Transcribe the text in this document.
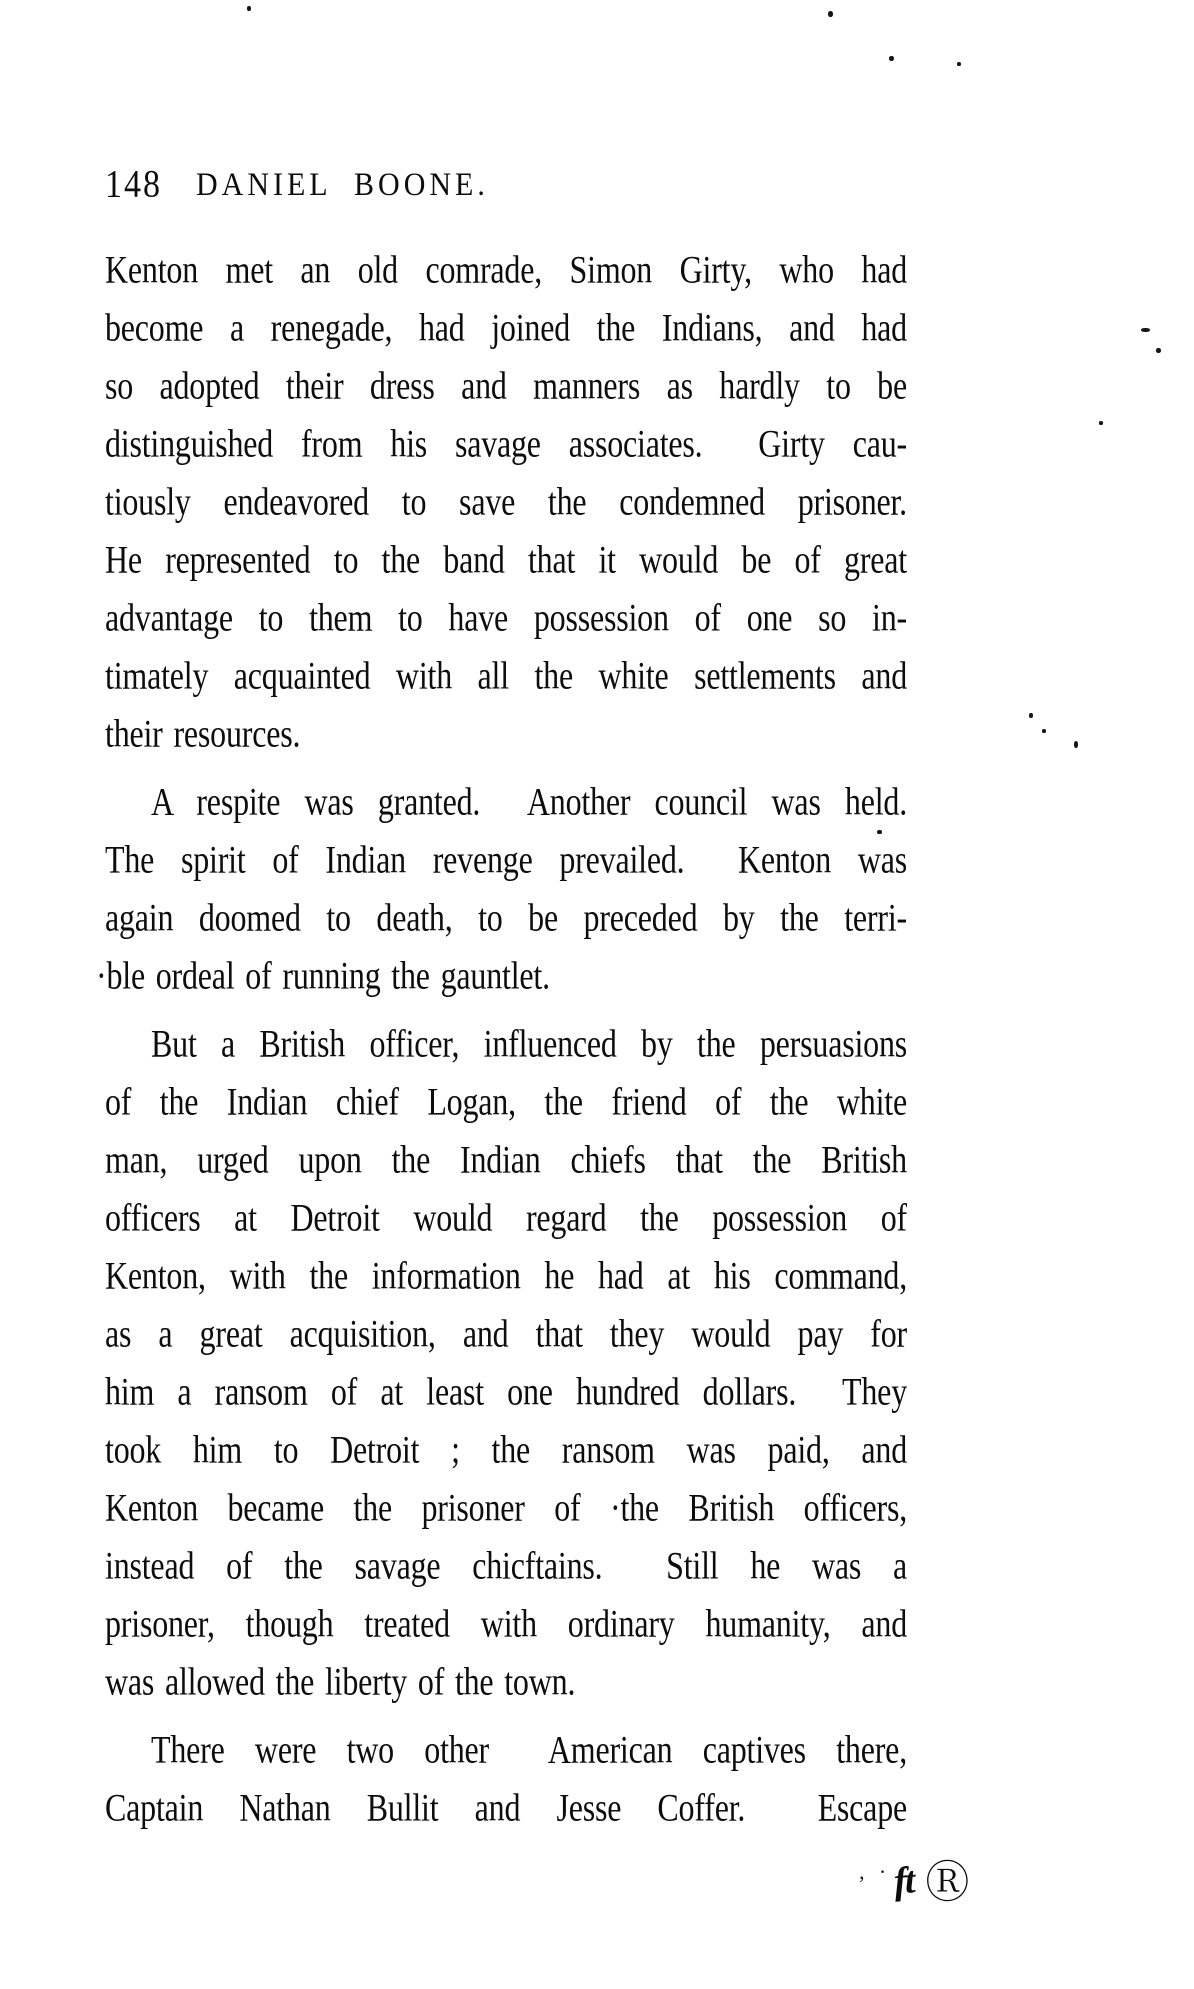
148 DANIEL BOONE.
Kenton met an old comrade, Simon Girty, who had
become a renegade, had joined the Indians, and had
so adopted their dress and manners as hardly to be
distinguished from his savage associates.  Girty cau-
tiously endeavored to save the condemned prisoner.
He represented to the band that it would be of great
advantage to them to have possession of one so in-
timately acquainted with all the white settlements and
their resources.
A respite was granted.  Another council was held.
The spirit of Indian revenge prevailed.  Kenton was
again doomed to death, to be preceded by the terri-
·ble ordeal of running the gauntlet.
But a British officer, influenced by the persuasions
of the Indian chief Logan, the friend of the white
man, urged upon the Indian chiefs that the British
officers at Detroit would regard the possession of
Kenton, with the information he had at his command,
as a great acquisition, and that they would pay for
him a ransom of at least one hundred dollars.  They
took him to Detroit ; the ransom was paid, and
Kenton became the prisoner of ·the British officers,
instead of the savage chicftains.  Still he was a
prisoner, though treated with ordinary humanity, and
was allowed the liberty of the town.
There were two other  American captives there,
Captain Nathan Bullit and Jesse Coffer.  Escape
‚ ·ft Ⓡ
